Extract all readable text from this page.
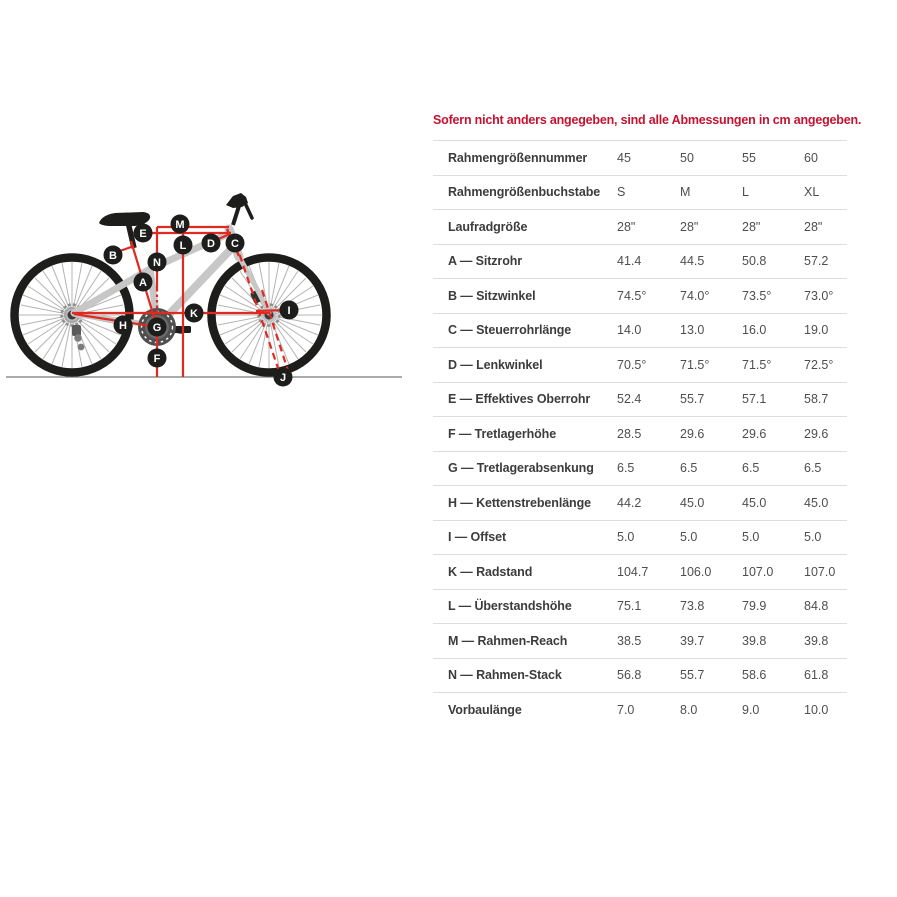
M
E
L D C
B
N
A
K	I
H G
F
J
Sofern nicht anders angegeben, sind alle Abmessungen in cm angegeben.
Rahmengrößennummer	45	50	55	60
Rahmengrößenbuchstabe	S	M	L	XL
Laufradgröße	28"	28"	28"	28"
A — Sitzrohr	41.4	44.5	50.8	57.2
B — Sitzwinkel	74.5°	74.0°	73.5°	73.0°
C — Steuerrohrlänge	14.0	13.0	16.0	19.0
D — Lenkwinkel	70.5°	71.5°	71.5°	72.5°
E — Effektives Oberrohr	52.4	55.7	57.1	58.7
F — Tretlagerhöhe	28.5	29.6	29.6	29.6
G — Tretlagerabsenkung	6.5	6.5	6.5	6.5
H — Kettenstrebenlänge	44.2	45.0	45.0	45.0
I — Offset	5.0	5.0	5.0	5.0
K — Radstand	104.7	106.0	107.0	107.0
L — Überstandshöhe	75.1	73.8	79.9	84.8
M — Rahmen-Reach	38.5	39.7	39.8	39.8
N — Rahmen-Stack	56.8	55.7	58.6	61.8
Vorbaulänge	7.0	8.0	9.0	10.0
